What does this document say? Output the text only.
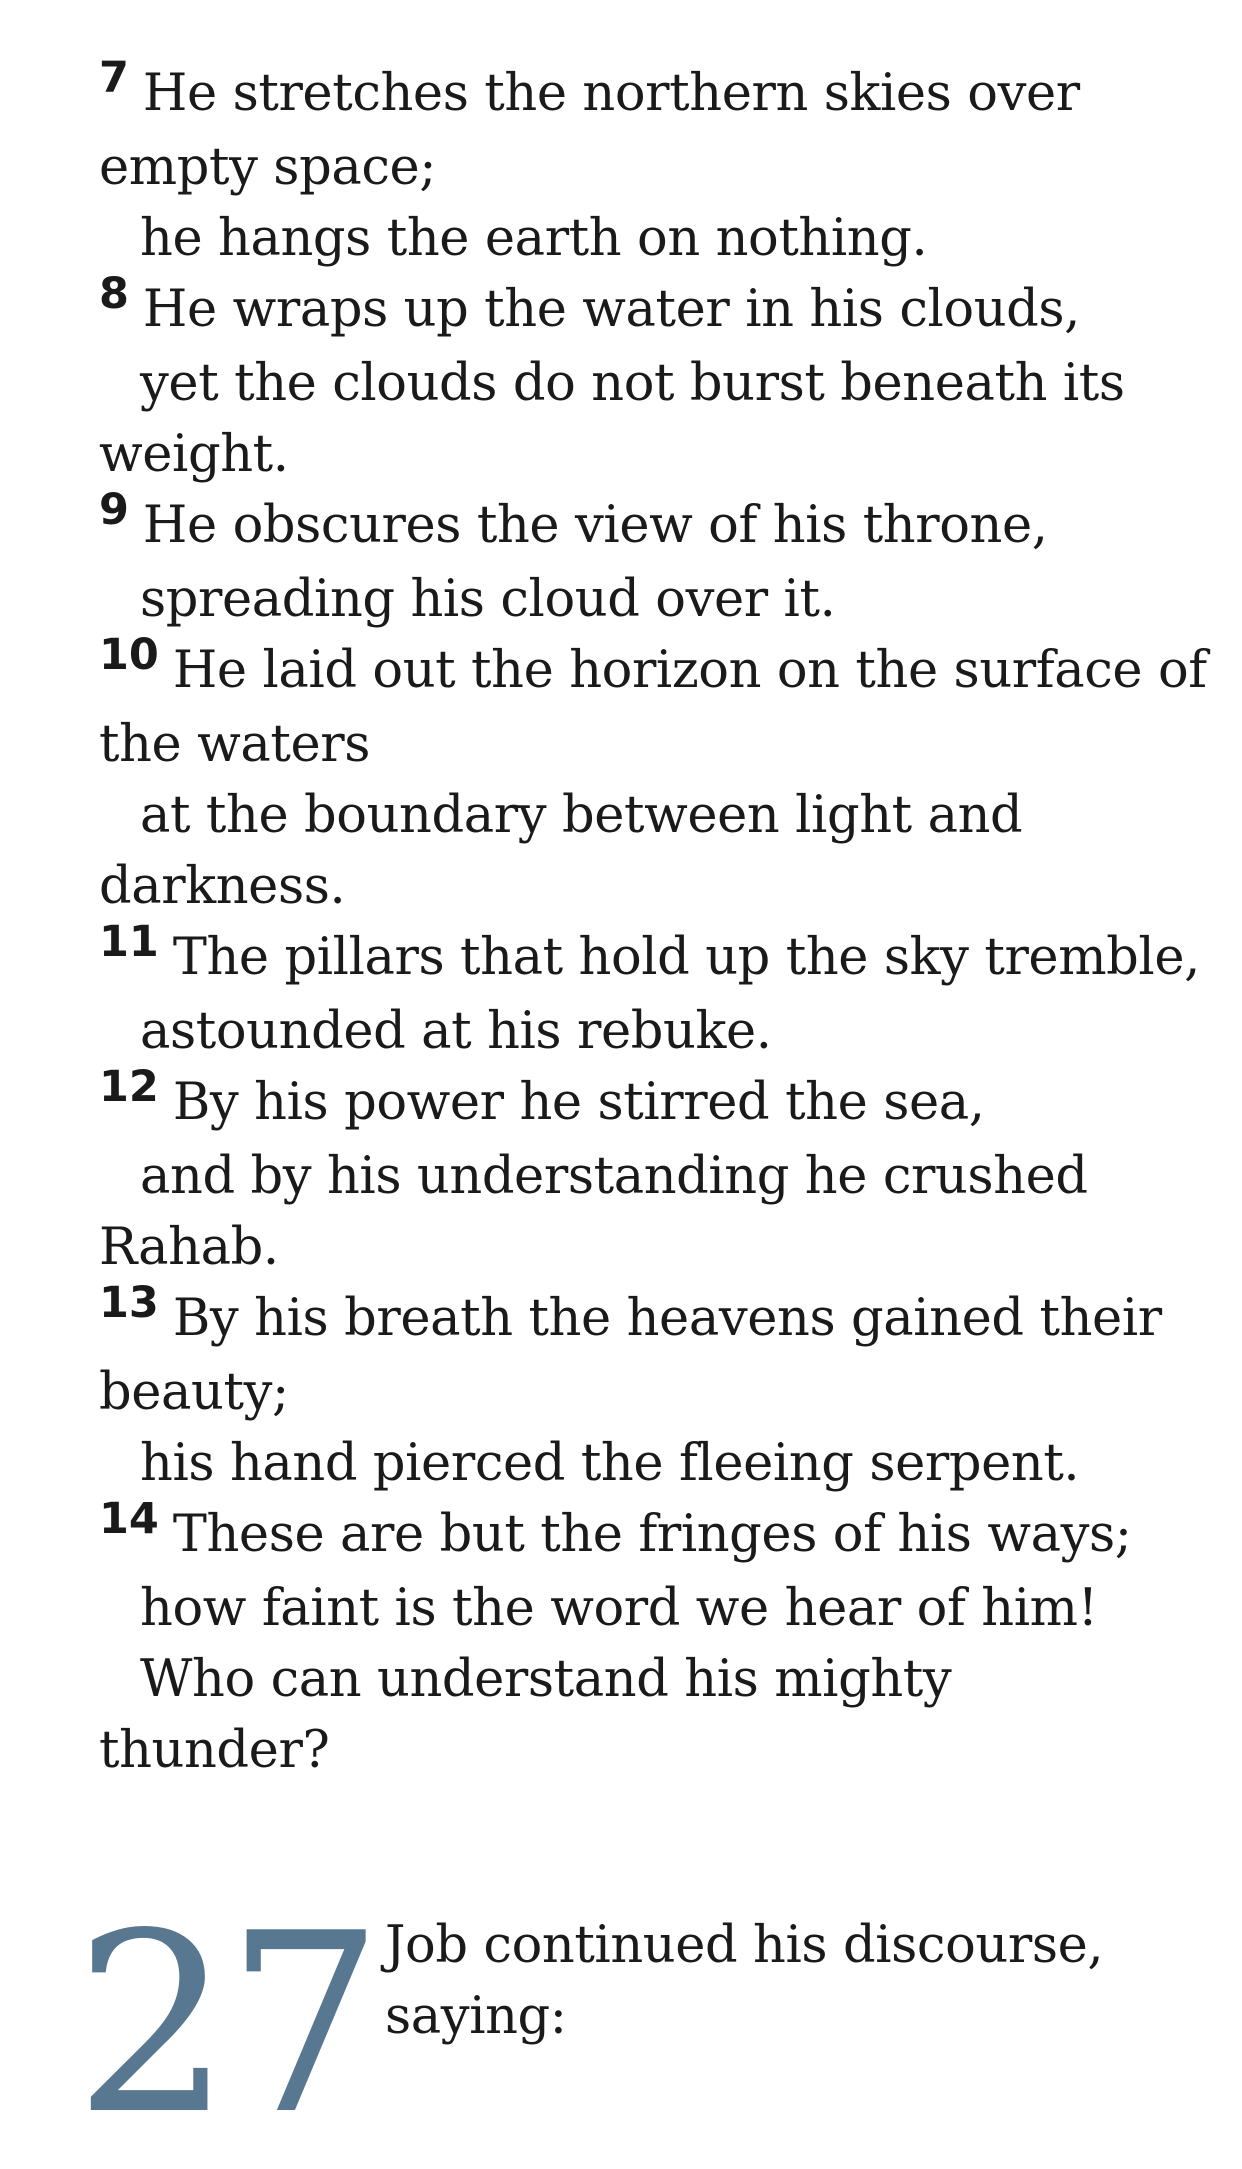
$^7$ He stretches the northern skies over
empty space;
he hangs the earth on nothing.
$^8$ He wraps up the water in his clouds,
yet the clouds do not burst beneath its
weight.
$^9$ He obscures the view of his throne,
spreading his cloud over it.
$^{10}$ He laid out the horizon on the surface of
the waters
at the boundary between light and
darkness.
$^{11}$ The pillars that hold up the sky tremble,
astounded at his rebuke.
$^{12}$ By his power he stirred the sea,
and by his understanding he crushed
Rahab.
$^{13}$ By his breath the heavens gained their
beauty;
his hand pierced the fleeing serpent.
$^{14}$ These are but the fringes of his ways;
how faint is the word we hear of him!
Who can understand his mighty
thunder?
27 Job continued his discourse,
saying:
